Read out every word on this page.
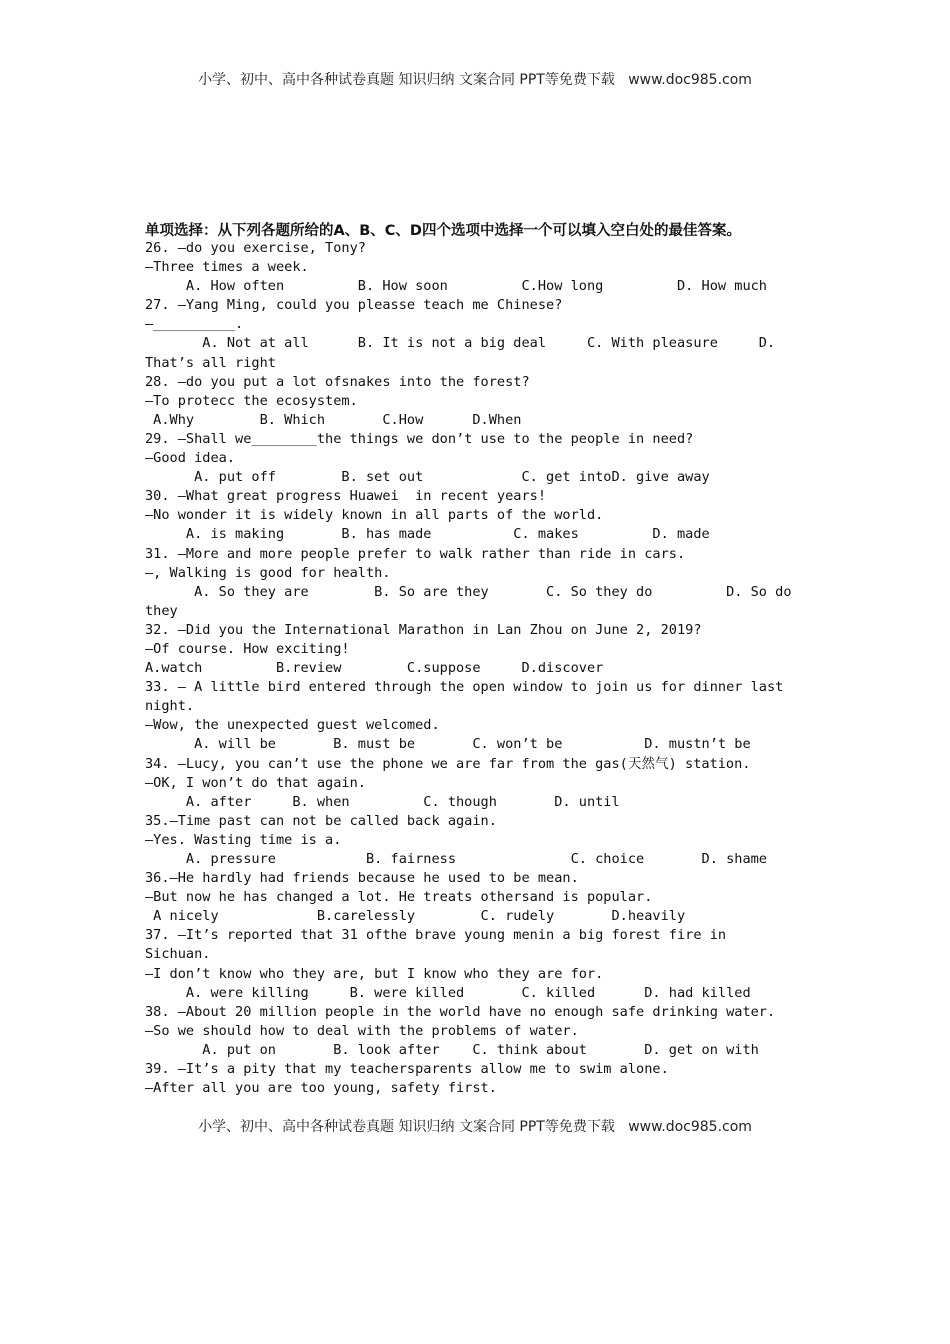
小学、初中、高中各种试卷真题 知识归纳 文案合同 PPT等免费下载   www.doc985.com
单项选择：从下列各题所给的A、B、C、D四个选项中选择一个可以填入空白处的最佳答案。
26. —do you exercise, Tony?
—Three times a week.
A. How often         B. How soon         C.How long         D. How much
27. —Yang Ming, could you pleasse teach me Chinese?
—__________.
A. Not at all      B. It is not a big deal     C. With pleasure     D.
That’s all right
28. —do you put a lot ofsnakes into the forest?
—To protecc the ecosystem.
A.Why        B. Which       C.How      D.When
29. —Shall we________the things we don’t use to the people in need?
—Good idea.
A. put off        B. set out            C. get intoD. give away
30. —What great progress Huawei  in recent years!
—No wonder it is widely known in all parts of the world.
A. is making       B. has made          C. makes         D. made
31. —More and more people prefer to walk rather than ride in cars.
—, Walking is good for health.
A. So they are        B. So are they       C. So they do         D. So do
they
32. —Did you the International Marathon in Lan Zhou on June 2, 2019?
—Of course. How exciting!
A.watch         B.review        C.suppose     D.discover
33. — A little bird entered through the open window to join us for dinner last
night.
—Wow, the unexpected guest welcomed.
A. will be       B. must be       C. won’t be          D. mustn’t be
34. —Lucy, you can’t use the phone we are far from the gas(天然气) station.
—OK, I won’t do that again.
A. after     B. when         C. though       D. until
35.—Time past can not be called back again.
—Yes. Wasting time is a.
A. pressure           B. fairness              C. choice       D. shame
36.—He hardly had friends because he used to be mean.
—But now he has changed a lot. He treats othersand is popular.
A nicely            B.carelessly        C. rudely       D.heavily
37. —It’s reported that 31 ofthe brave young menin a big forest fire in
Sichuan.
—I don’t know who they are, but I know who they are for.
A. were killing     B. were killed       C. killed      D. had killed
38. —About 20 million people in the world have no enough safe drinking water.
—So we should how to deal with the problems of water.
A. put on       B. look after    C. think about       D. get on with
39. —It’s a pity that my teachersparents allow me to swim alone.
—After all you are too young, safety first.
小学、初中、高中各种试卷真题 知识归纳 文案合同 PPT等免费下载   www.doc985.com
